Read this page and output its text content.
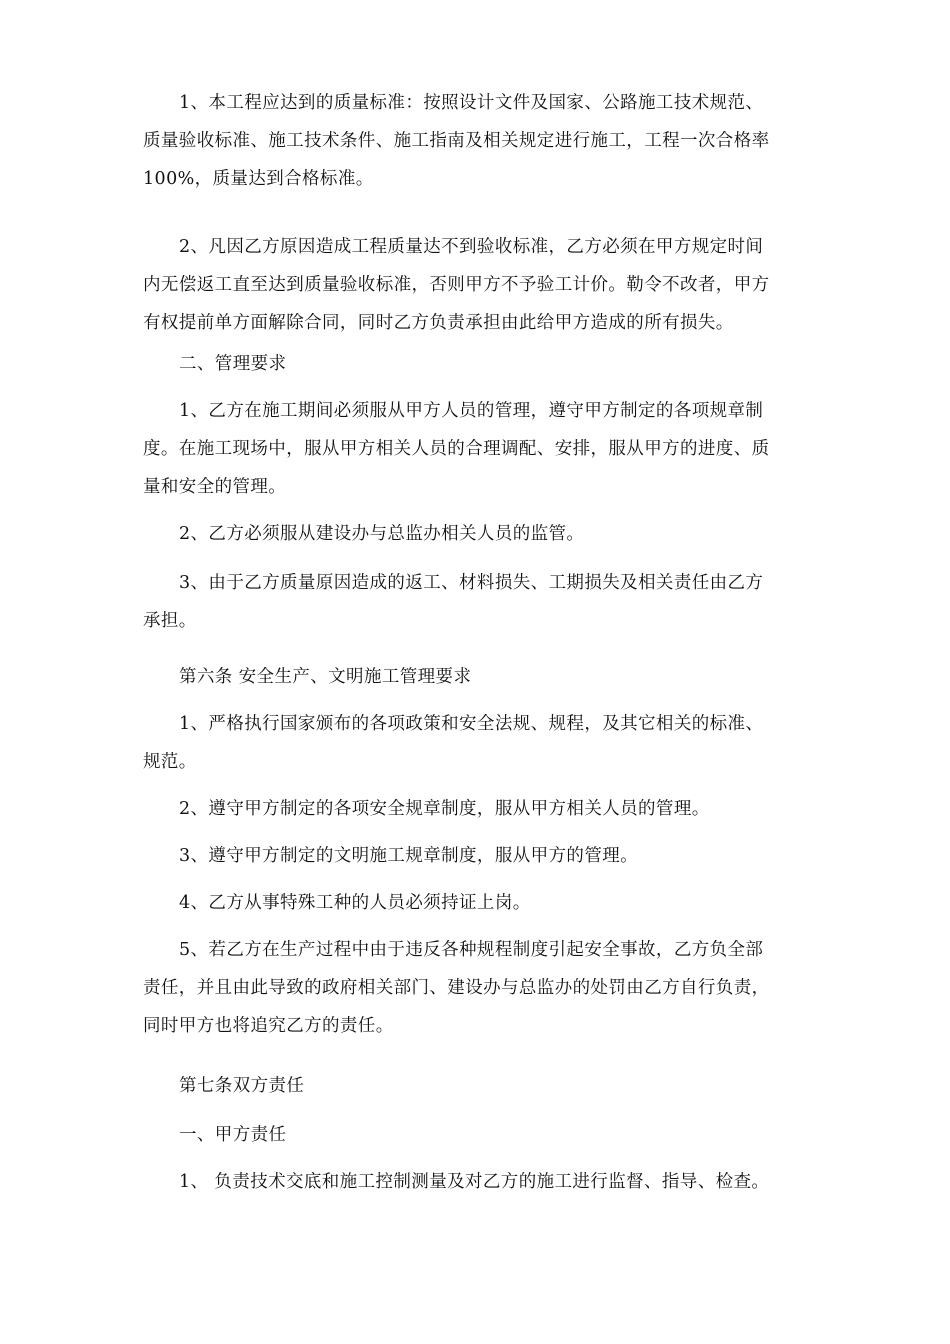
1、本工程应达到的质量标准：按照设计文件及国家、公路施工技术规范、
质量验收标准、施工技术条件、施工指南及相关规定进行施工，工程一次合格率
100%，质量达到合格标准。
2、凡因乙方原因造成工程质量达不到验收标准，乙方必须在甲方规定时间
内无偿返工直至达到质量验收标准，否则甲方不予验工计价。勒令不改者，甲方
有权提前单方面解除合同，同时乙方负责承担由此给甲方造成的所有损失。
二、管理要求
1、乙方在施工期间必须服从甲方人员的管理，遵守甲方制定的各项规章制
度。在施工现场中，服从甲方相关人员的合理调配、安排，服从甲方的进度、质
量和安全的管理。
2、乙方必须服从建设办与总监办相关人员的监管。
3、由于乙方质量原因造成的返工、材料损失、工期损失及相关责任由乙方
承担。
第六条 安全生产、文明施工管理要求
1、严格执行国家颁布的各项政策和安全法规、规程，及其它相关的标准、
规范。
2、遵守甲方制定的各项安全规章制度，服从甲方相关人员的管理。
3、遵守甲方制定的文明施工规章制度，服从甲方的管理。
4、乙方从事特殊工种的人员必须持证上岗。
5、若乙方在生产过程中由于违反各种规程制度引起安全事故，乙方负全部
责任，并且由此导致的政府相关部门、建设办与总监办的处罚由乙方自行负责，
同时甲方也将追究乙方的责任。
第七条双方责任
一、甲方责任
1、 负责技术交底和施工控制测量及对乙方的施工进行监督、指导、检查。
